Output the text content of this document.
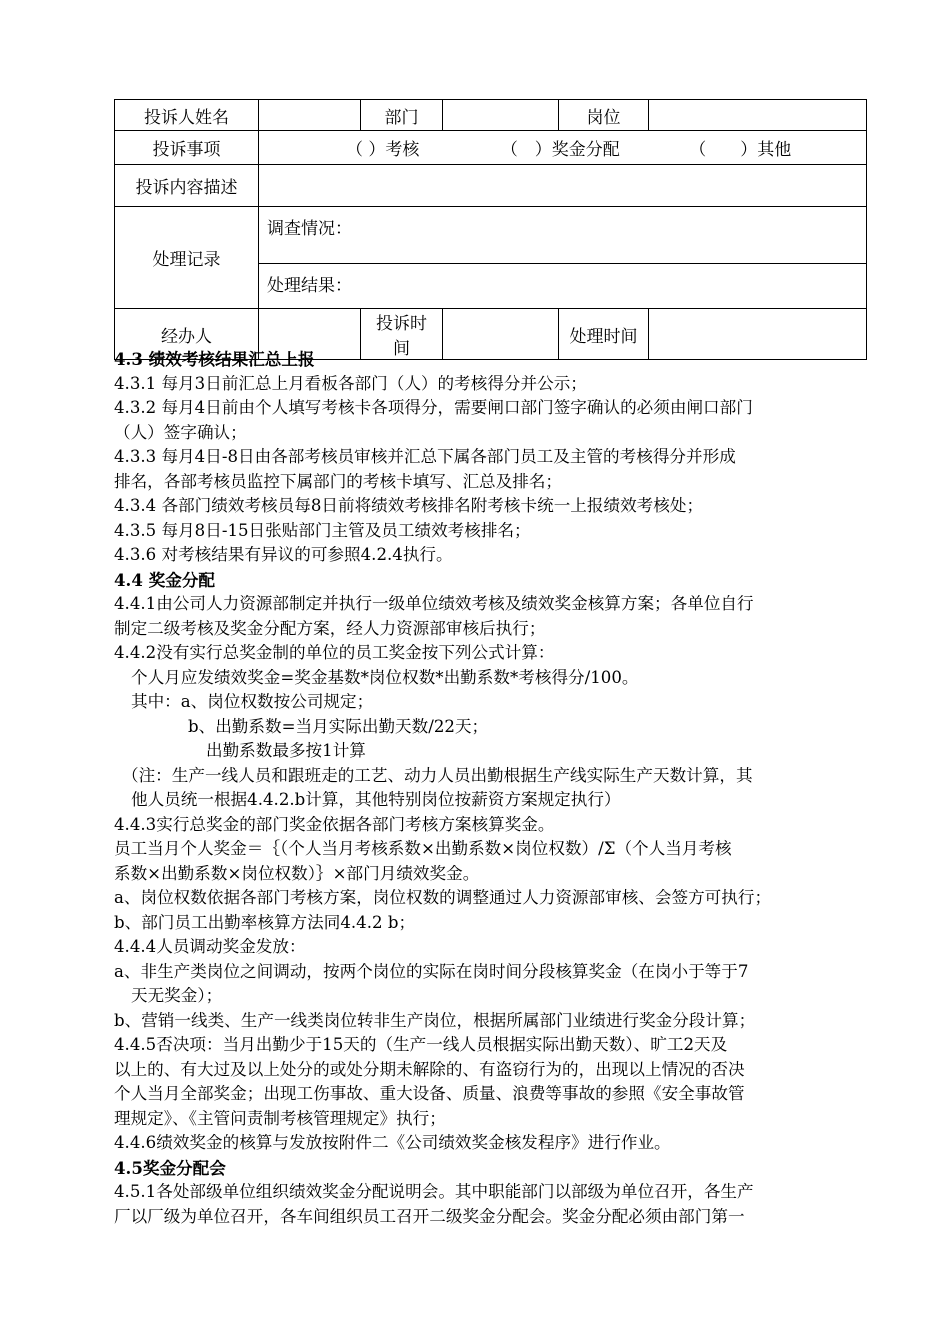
投诉人姓名		部门		岗位	
投诉事项	（ ）考核 （　）奖金分配 （　　）其他				
投诉内容描述					
处理记录	调查情况：				
	处理结果：				
经办人		投诉时间		处理时间	
4.3 绩效考核结果汇总上报
4.3.1 每月3日前汇总上月看板各部门（人）的考核得分并公示；
4.3.2 每月4日前由个人填写考核卡各项得分，需要闸口部门签字确认的必须由闸口部门
（人）签字确认；
4.3.3 每月4日-8日由各部考核员审核并汇总下属各部门员工及主管的考核得分并形成
排名，各部考核员监控下属部门的考核卡填写、汇总及排名；
4.3.4 各部门绩效考核员每8日前将绩效考核排名附考核卡统一上报绩效考核处；
4.3.5 每月8日-15日张贴部门主管及员工绩效考核排名；
4.3.6 对考核结果有异议的可参照4.2.4执行。
4.4 奖金分配
4.4.1由公司人力资源部制定并执行一级单位绩效考核及绩效奖金核算方案；各单位自行
制定二级考核及奖金分配方案，经人力资源部审核后执行；
4.4.2没有实行总奖金制的单位的员工奖金按下列公式计算：
个人月应发绩效奖金=奖金基数*岗位权数*出勤系数*考核得分/100。
其中：a、岗位权数按公司规定；
b、出勤系数=当月实际出勤天数/22天；
出勤系数最多按1计算
（注：生产一线人员和跟班走的工艺、动力人员出勤根据生产线实际生产天数计算，其
他人员统一根据4.4.2.b计算，其他特别岗位按薪资方案规定执行）
4.4.3实行总奖金的部门奖金依据各部门考核方案核算奖金。
员工当月个人奖金＝｛（个人当月考核系数×出勤系数×岗位权数）/Σ（个人当月考核
系数×出勤系数×岗位权数）｝×部门月绩效奖金。
a、岗位权数依据各部门考核方案，岗位权数的调整通过人力资源部审核、会签方可执行；
b、部门员工出勤率核算方法同4.4.2 b；
4.4.4人员调动奖金发放：
a、非生产类岗位之间调动，按两个岗位的实际在岗时间分段核算奖金（在岗小于等于7
天无奖金）；
b、营销一线类、生产一线类岗位转非生产岗位，根据所属部门业绩进行奖金分段计算；
4.4.5否决项：当月出勤少于15天的（生产一线人员根据实际出勤天数）、旷工2天及
以上的、有大过及以上处分的或处分期未解除的、有盗窃行为的，出现以上情况的否决
个人当月全部奖金；出现工伤事故、重大设备、质量、浪费等事故的参照《安全事故管
理规定》、《主管问责制考核管理规定》执行；
4.4.6绩效奖金的核算与发放按附件二《公司绩效奖金核发程序》进行作业。
4.5奖金分配会
4.5.1各处部级单位组织绩效奖金分配说明会。其中职能部门以部级为单位召开，各生产
厂以厂级为单位召开，各车间组织员工召开二级奖金分配会。奖金分配必须由部门第一
